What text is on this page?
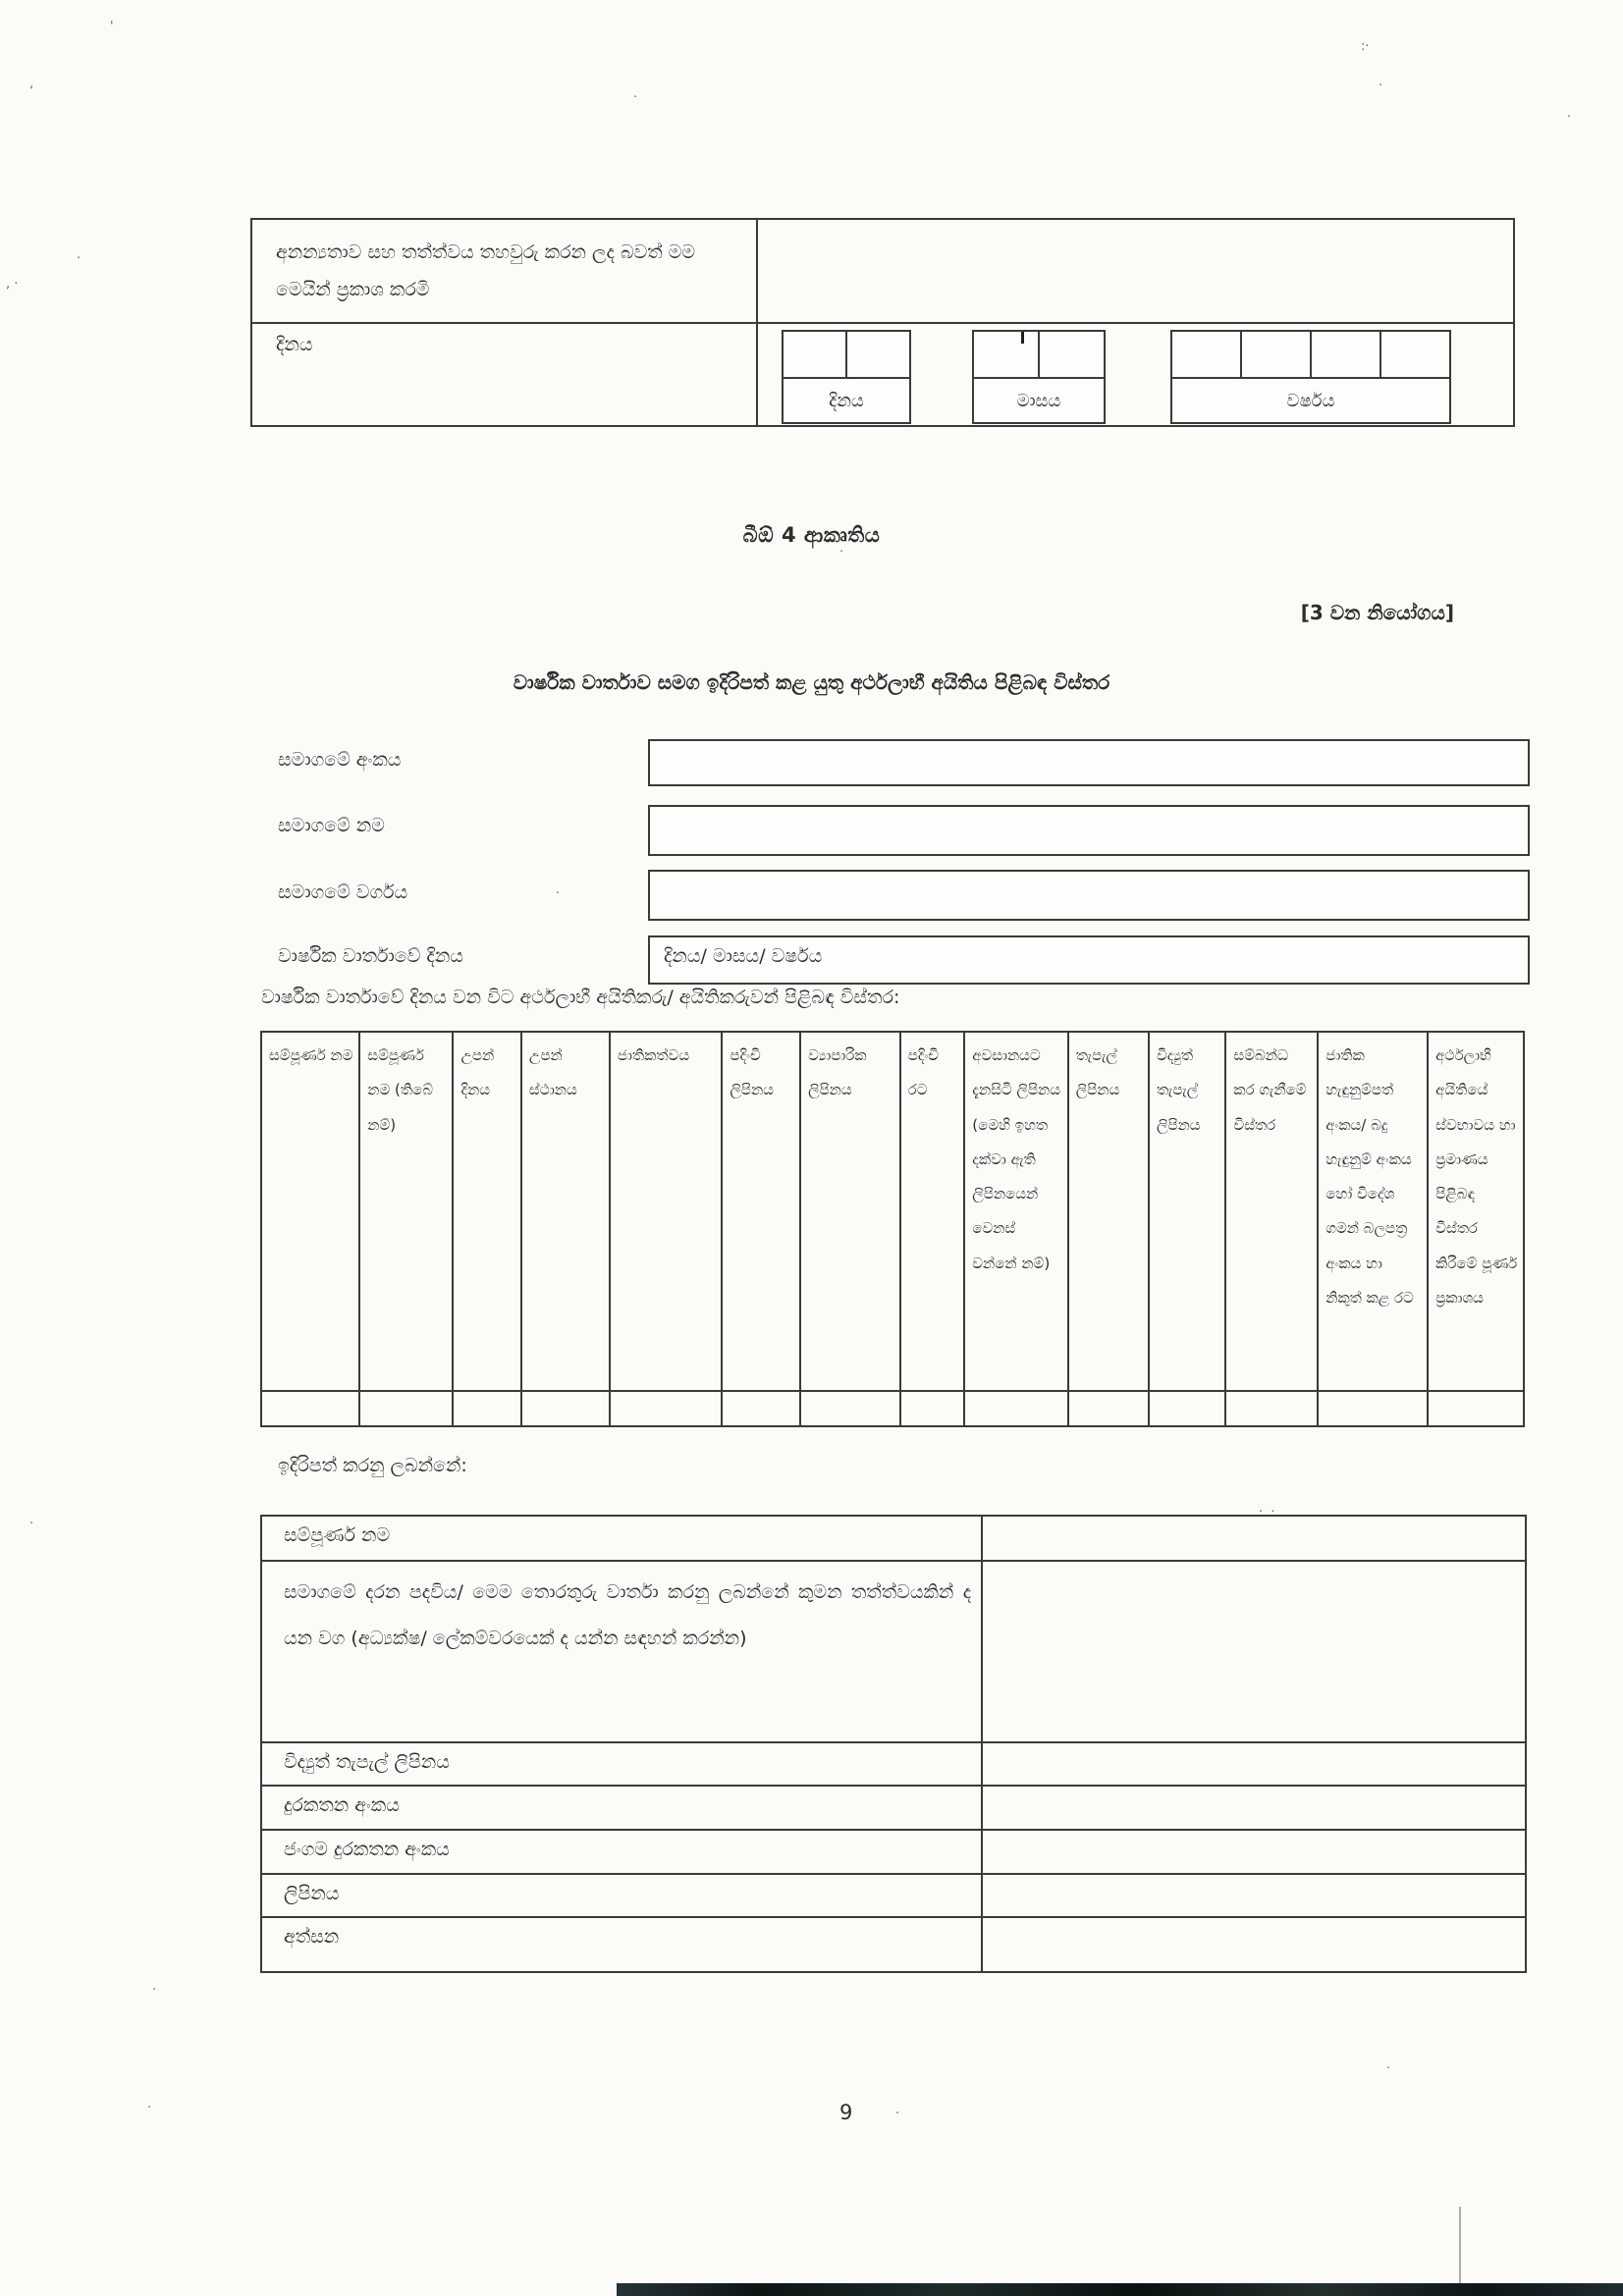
'
‘
:·
·
·
·
, ·
·
·
·
·  ·
·
·
·
·
·
අනන්‍යතාව සහ තත්ත්වය තහවුරු කරන ලද බවත් මම මෙයින් ප්‍රකාශ කරමි
දිනය
දිනය	මාසය	වර්ෂය
බීඕ 4 ආකෘතිය
[3 වන නියෝගය]
වාර්ෂික වාර්තාව සමග ඉදිරිපත් කළ යුතු අර්ථලාභී අයිතිය පිළිබඳ විස්තර
සමාගමේ අංකය
සමාගමේ නම
සමාගමේ වර්ගය
වාර්ෂික වාර්තාවේ දිනය	දිනය/ මාසය/ වර්ෂය
වාර්ෂික වාර්තාවේ දිනය වන විට අර්ථලාභී අයිතිකරු/ අයිතිකරුවන් පිළිබඳ විස්තර:
සම්පූර්ණ නම	සම්පූර්ණ නම (තිබේ නම්)	උපන් දිනය	උපන් ස්ථානය	ජාතිකත්වය	පදිංචි ලිපිනය	ව්‍යාපාරික ලිපිනය	පදිංචි රට	අවසානයට දැනසිටි ලිපිනය (මෙහි ඉහත දක්වා ඇති ලිපිනයෙන් වෙනස් වන්නේ නම්)	තැපැල් ලිපිනය	විද්‍යුත් තැපැල් ලිපිනය	සම්බන්ධ කර ගැනීමේ විස්තර	ජාතික හැඳුනුම්පත් අංකය/ බදු හැඳුනුම් අංකය හෝ විදේශ ගමන් බලපත්‍ර අංකය හා නිකුත් කළ රට	අර්ථලාභී අයිතියේ ස්වභාවය හා ප්‍රමාණය පිළිබඳ විස්තර කිරීමේ පූර්ණ ප්‍රකාශය

ඉදිරිපත් කරනු ලබන්නේ:
සම්පූර්ණ නම	
සමාගමේ දරන පදවිය/ මෙම තොරතුරු වාර්තා කරනු ලබන්නේ කුමන තත්ත්වයකින් ද යන වග (අධ්‍යක්ෂ/ ලේකම්වරයෙක් ද යන්න සඳහන් කරන්න)	
විද්‍යුත් තැපැල් ලිපිනය	
දුරකතන අංකය	
ජංගම දුරකතන අංකය	
ලිපිනය	
අත්සන	
9
